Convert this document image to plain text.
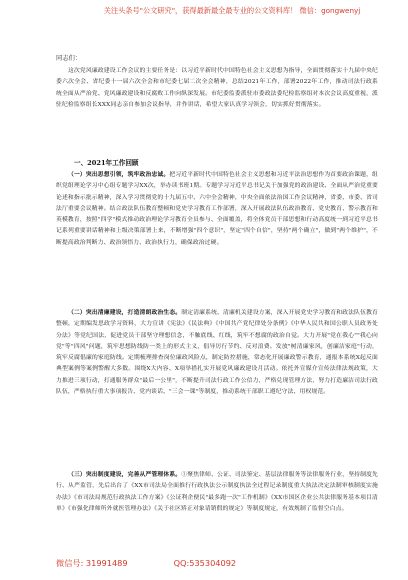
关注头条号"公文研究"，获得最新最全最专业的公文资料库！ 微信：gongwenyj
同志们：
这次党风廉政建设工作会议的主要任务是：以习近平新时代中国特色社会主义思想为指导，全面贯彻落实十九届中央纪委六次全会、省纪委十一届六次全会和市纪委七届二次全会精神，总结2021年工作，部署2022年工作，推动司法行政系统全面从严治党、党风廉政建设和反腐败工作向纵深发展。市纪委监委派驻市委政法委纪检监察组对本次会议高度重视，派驻纪检监察组长XXX同志亲自参加会议指导，并作讲话，希望大家认真学习领会，切实抓好贯彻落实。
一、2021年工作回顾
（一）突出思想引领，筑牢政治忠诚。把习近平新时代中国特色社会主义思想和习近平法治思想作为首要政治课题，组织党组理论学习中心组专题学习XX次，举办读书班1期。专题学习习近平总书记关于加强党的政治建设、全面从严治党重要论述和指示批示精神，深入学习贯彻党的十九届五中、六中全会精神，中央全面依法治国工作会议精神，省委、市委、省司法厅重要会议精神。结合政法队伍教育整顿和党史学习教育工作部署，深入开展政法队伍政治教育、党史教育、警示教育和英模教育，按照"四学"模式推动政治理论学习教育全员参与、全面覆盖，将全体党员干部思想和行动高度统一到习近平总书记系列重要讲话精神和上级决策部署上来，不断增强"四个意识"，坚定"四个自信"，坚持"两个确立"，做到"两个维护"，不断提高政治判断力、政治领悟力、政治执行力，确保政治过硬。
（二）突出清廉建设，打造清朗政治生态。制定清廉系统、清廉机关建设方案，深入开展党史学习教育和政法队伍教育整顿，定期编发思政学习资料，大力宣讲《宪法》《民法典》《中国共产党纪律处分条例》《中华人民共和国公职人员政务处分法》等党纪国法，促进党员干部坚守理想信念，不触底线、红线，筑牢不想腐的政治自觉。大力开展"党在我心""我心向党"等"四风"问题，筑牢思想防线防一类上的形式主义，倡导厉行节约、反对浪费。发放"树清廉家风，创廉洁家庭"行动，筑牢反腐倡廉的家庭防线。定期梳理排查岗位廉政风险点，制定防控措施，常态化开展廉政警示教育，通报本系统X起反面典型案例等案例警醒大多数。围绕X大内容、X项举措扎实开展党风廉政建设月活动。依托外宣媒介宣传法律法规政策，大力推进三项行动，打通服务群众"最后一公里"，不断提升司法行政工作公信力，严格兑现管理方法，努力打造廉洁司法行政队伍，严格执行重大事项报告、党内谈话、"三会一课"等制度，推动系统干部职工遵纪守法、用权规范。
（三）突出制度建设，完善从严管理体系。①聚焦律师、公证、司法鉴定、基层法律服务等法律服务行业，坚持制度先行、从严监管，先后出台了《XX市司法局全面推行行政执法公示制度执法全过程记录制度重大执法决定法制审核制度实施办法》《市司法局规范行政执法工作方案》《公证利企便民"最多跑一次"工作机制》《XX市国区企业公共法律服务基本项目清单》《市强化律师所外就医管理办法》《关于社区矫正对象请销假的规定》等制度规定，有效规制了监督空白点。
微信号: 31991489	QQ:535304092
